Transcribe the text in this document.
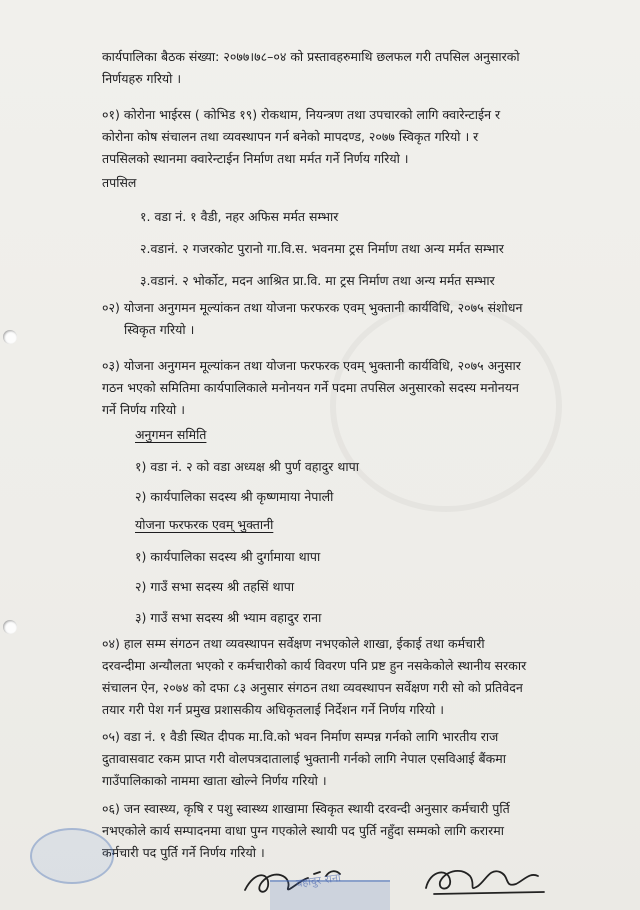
कार्यपालिका बैठक संख्या: २०७७।७८–०४ को प्रस्तावहरुमाथि छलफल गरी तपसिल अनुसारको
निर्णयहरु गरियो ।

०१) कोरोना भाईरस ( कोभिड १९) रोकथाम, नियन्त्रण तथा उपचारको लागि क्वारेन्टाईन र
कोरोना कोष संचालन तथा व्यवस्थापन गर्न बनेको मापदण्ड, २०७७ स्विकृत गरियो । र
तपसिलको स्थानमा क्वारेन्टाईन निर्माण तथा मर्मत गर्ने निर्णय गरियो ।

तपसिल

१. वडा नं. १ वैडी, नहर अफिस मर्मत सम्भार

२.वडानं. २ गजरकोट पुरानो गा.वि.स. भवनमा ट्रस निर्माण तथा अन्य मर्मत सम्भार

३.वडानं. २ भोर्कोट, मदन आश्रित प्रा.वि. मा ट्रस निर्माण तथा अन्य मर्मत सम्भार

०२) योजना अनुगमन मूल्यांकन तथा योजना फरफरक एवम् भुक्तानी कार्यविधि, २०७५ संशोधन
स्विकृत गरियो ।

०३) योजना अनुगमन मूल्यांकन तथा योजना फरफरक एवम् भुक्तानी कार्यविधि, २०७५ अनुसार
गठन भएको समितिमा कार्यपालिकाले मनोनयन गर्ने पदमा तपसिल अनुसारको सदस्य मनोनयन
गर्ने निर्णय गरियो ।

अनुगमन समिति

१) वडा नं. २ को वडा अध्यक्ष श्री पुर्ण वहादुर थापा

२) कार्यपालिका सदस्य श्री कृष्णमाया नेपाली

योजना फरफरक एवम् भुक्तानी

१) कार्यपालिका सदस्य श्री दुर्गामाया थापा

२) गाउँ सभा सदस्य श्री तहसिं थापा

३) गाउँ सभा सदस्य श्री भ्याम वहादुर राना

०४) हाल सम्म संगठन तथा व्यवस्थापन सर्वेक्षण नभएकोले शाखा, ईकाई तथा कर्मचारी
दरवन्दीमा अन्यौलता भएको र कर्मचारीको कार्य विवरण पनि प्रष्ट हुन नसकेकोले स्थानीय सरकार
संचालन ऐन, २०७४ को दफा ८३ अनुसार संगठन तथा व्यवस्थापन सर्वेक्षण गरी सो को प्रतिवेदन
तयार गरी पेश गर्न प्रमुख प्रशासकीय अधिकृतलाई निर्देशन गर्ने निर्णय गरियो ।

०५) वडा नं. १ वैडी स्थित दीपक मा.वि.को भवन निर्माण सम्पन्न गर्नको लागि भारतीय राज
दुतावासवाट रकम प्राप्त गरी वोलपत्रदातालाई भुक्तानी गर्नको लागि नेपाल एसविआई बैंकमा
गाउँपालिकाको नाममा खाता खोल्ने निर्णय गरियो ।

०६) जन स्वास्थ्य, कृषि र पशु स्वास्थ्य शाखामा स्विकृत स्थायी दरवन्दी अनुसार कर्मचारी पुर्ति
नभएकोले कार्य सम्पादनमा वाधा पुग्न गएकोले स्थायी पद पुर्ति नहुँदा सम्मको लागि करारमा
कर्मचारी पद पुर्ति गर्ने निर्णय गरियो ।

वहादुर राना
